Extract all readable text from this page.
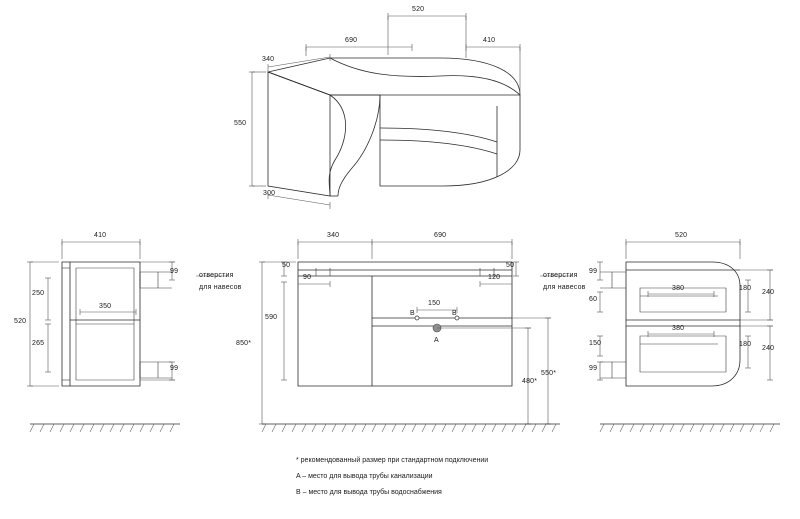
520
690	410
340
550
300
410
99
250
350
520
265
99
отверстия
для навесов
340	690
50	50
90	120
150
590
850*
480*
550*
B	B
A
отверстия
для навесов
520
99
60
380	180
240
380
150
99
180
240
* рекомендованный размер при стандартном подключении
A – место для вывода трубы канализации
B – место для вывода трубы водоснабжения
